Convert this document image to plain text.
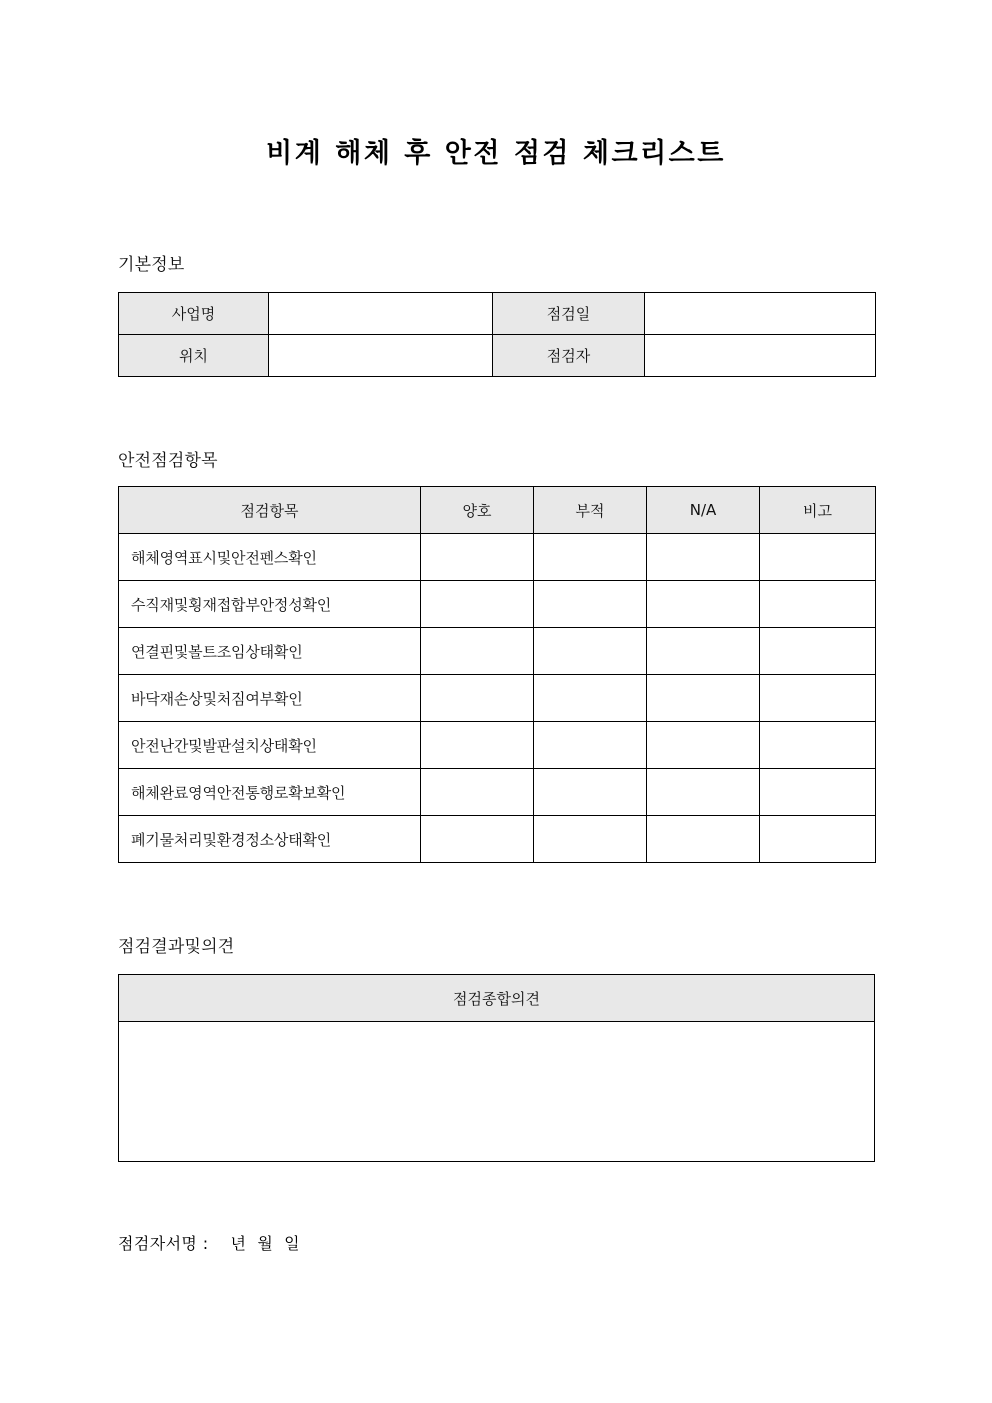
비계 해체 후 안전 점검 체크리스트
기본정보
사업명		점검일	
위치		점검자	
안전점검항목
점검항목	양호	부적	N/A	비고
해체영역표시및안전펜스확인				
수직재및횡재접합부안정성확인				
연결핀및볼트조임상태확인				
바닥재손상및처짐여부확인				
안전난간및발판설치상태확인				
해체완료영역안전통행로확보확인				
폐기물처리및환경정소상태확인				
점검결과및의견
점검종합의견

점검자서명 :    년  월  일
